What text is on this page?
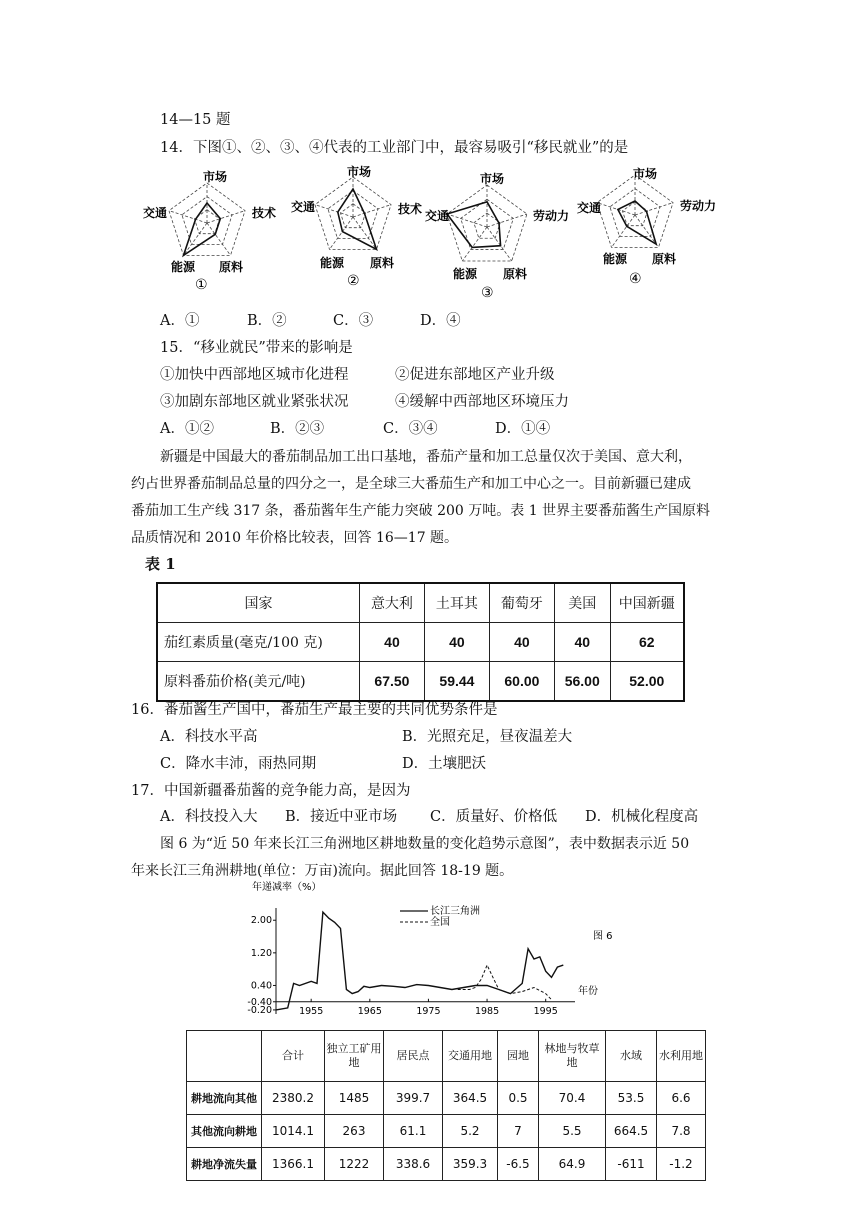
14—15 题
14．下图①、②、③、④代表的工业部门中，最容易吸引“移民就业”的是
市场
交通	技术
能源 原料
①
市场
交通	技术
能源 原料
②
市场
交通	劳动力
能源 原料
③
市场
交通	劳动力
能源 原料
④
A．①	B．②	C．③	D．④
15．“移业就民”带来的影响是
①加快中西部地区城市化进程	②促进东部地区产业升级
③加剧东部地区就业紧张状况	④缓解中西部地区环境压力
A．①②	B．②③	C．③④	D．①④
新疆是中国最大的番茄制品加工出口基地，番茄产量和加工总量仅次于美国、意大利，
约占世界番茄制品总量的四分之一，是全球三大番茄生产和加工中心之一。目前新疆已建成
番茄加工生产线 317 条，番茄酱年生产能力突破 200 万吨。表 1 世界主要番茄酱生产国原料
品质情况和 2010 年价格比较表，回答 16—17 题。
表 1
国家	意大利	土耳其	葡萄牙	美国	中国新疆
茄红素质量(毫克/100 克)	40	40	40	40	62
原料番茄价格(美元/吨)	67.50	59.44	60.00	56.00	52.00
16．番茄酱生产国中，番茄生产最主要的共同优势条件是
A．科技水平高	B．光照充足，昼夜温差大
C．降水丰沛，雨热同期	D．土壤肥沃
17．中国新疆番茄酱的竞争能力高，是因为
A．科技投入大 B．接近中亚市场 C．质量好、价格低 D．机械化程度高
图 6 为“近 50 年来长江三角洲地区耕地数量的变化趋势示意图”，表中数据表示近 50
年来长江三角洲耕地(单位：万亩)流向。据此回答 18-19 题。
年递减率（%）
年份
图 6
长江三角洲
全国
2.00
1.20
0.40
-0.40
-0.20	1955	1965	1975	1985	1995
	合计	独立工矿用地	居民点	交通用地	园地	林地与牧草地	水域	水利用地
耕地流向其他	2380.2	1485	399.7	364.5	0.5	70.4	53.5	6.6
其他流向耕地	1014.1	263	61.1	5.2	7	5.5	664.5	7.8
耕地净流失量	1366.1	1222	338.6	359.3	-6.5	64.9	-611	-1.2
